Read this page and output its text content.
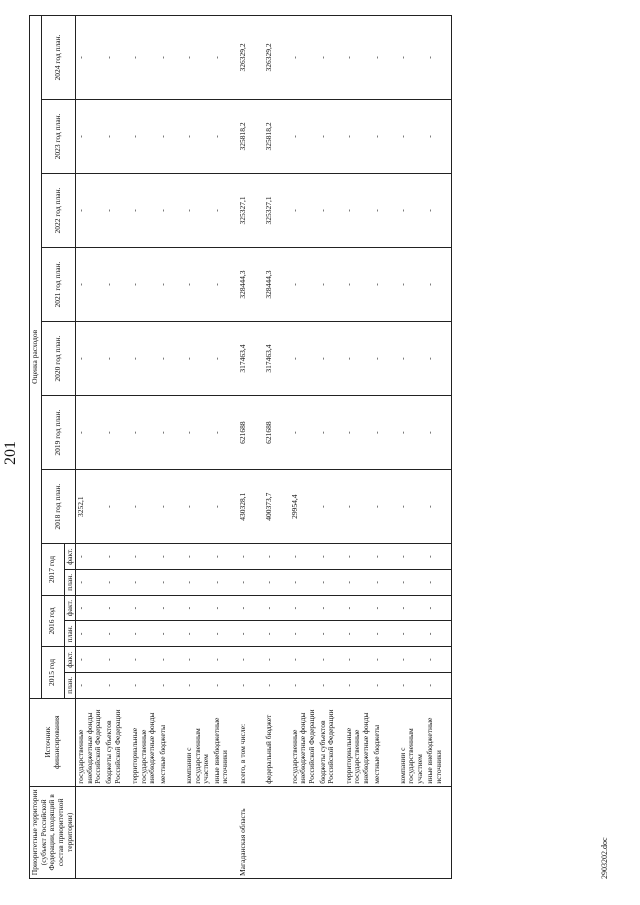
201
Приоритетные территории (субъект Российской Федерации, входящий в состав приоритетной территории)	Источник финансирования	Оценка расходов												
		2015 год		2016 год		2017 год		2018 год план.	2019 год план.	2020 год план.	2021 год план.	2022 год план.	2023 год план.	2024 год план.
		план.	факт.	план.	факт.	план.	факт.							
	государственные внебюджетные фонды Российской Федерации	-	-	-	-	-	-	3252,1	-	-	-	-	-	-
	бюджеты субъектов Российской Федерации	-	-	-	-	-	-	-	-	-	-	-	-	-
	территориальные государственные внебюджетные фонды	-	-	-	-	-	-	-	-	-	-	-	-	-
	местные бюджеты	-	-	-	-	-	-	-	-	-	-	-	-	-
	компании с государственным участием	-	-	-	-	-	-	-	-	-	-	-	-	-
	иные внебюджетные источники	-	-	-	-	-	-	-	-	-	-	-	-	-
Магаданская область	всего, в том числе:	-	-	-	-	-	-	430328,1	621688	317463,4	328444,3	325327,1	325818,2	326329,2
	федеральный бюджет	-	-	-	-	-	-	400373,7	621688	317463,4	328444,3	325327,1	325818,2	326329,2
	государственные внебюджетные фонды Российской Федерации	-	-	-	-	-	-	29954,4	-	-	-	-	-	-
	бюджеты субъектов Российской Федерации	-	-	-	-	-	-	-	-	-	-	-	-	-
	территориальные государственные внебюджетные фонды	-	-	-	-	-	-	-	-	-	-	-	-	-
	местные бюджеты	-	-	-	-	-	-	-	-	-	-	-	-	-
	компании с государственным участием	-	-	-	-	-	-	-	-	-	-	-	-	-
	иные внебюджетные источники	-	-	-	-	-	-	-	-	-	-	-	-	-
2903202.doc
